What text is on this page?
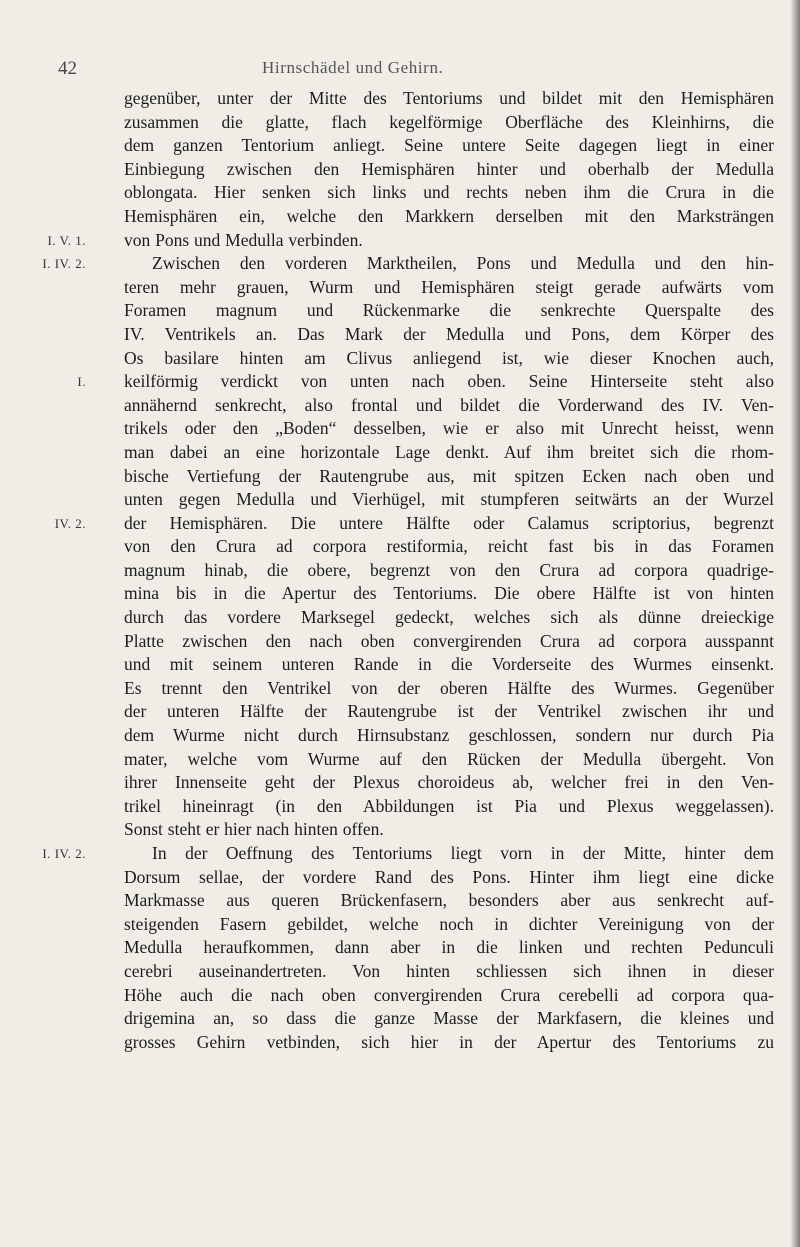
42	Hirnschädel und Gehirn.
gegenüber, unter der Mitte des Tentoriums und bildet mit den Hemisphären
zusammen die glatte, flach kegelförmige Oberfläche des Kleinhirns, die
dem ganzen Tentorium anliegt. Seine untere Seite dagegen liegt in einer
Einbiegung zwischen den Hemisphären hinter und oberhalb der Medulla
oblongata. Hier senken sich links und rechts neben ihm die Crura in die
Hemisphären ein, welche den Markkern derselben mit den Marksträngen
I. V. 1. von Pons und Medulla verbinden.
I. IV. 2.	Zwischen den vorderen Marktheilen, Pons und Medulla und den hin-
teren mehr grauen, Wurm und Hemisphären steigt gerade aufwärts vom
Foramen magnum und Rückenmarke die senkrechte Querspalte des
IV. Ventrikels an. Das Mark der Medulla und Pons, dem Körper des
Os basilare hinten am Clivus anliegend ist, wie dieser Knochen auch,
I. keilförmig verdickt von unten nach oben. Seine Hinterseite steht also
annähernd senkrecht, also frontal und bildet die Vorderwand des IV. Ven-
trikels oder den „Boden“ desselben, wie er also mit Unrecht heisst, wenn
man dabei an eine horizontale Lage denkt. Auf ihm breitet sich die rhom-
bische Vertiefung der Rautengrube aus, mit spitzen Ecken nach oben und
unten gegen Medulla und Vierhügel, mit stumpferen seitwärts an der Wurzel
IV. 2. der Hemisphären. Die untere Hälfte oder Calamus scriptorius, begrenzt
von den Crura ad corpora restiformia, reicht fast bis in das Foramen
magnum hinab, die obere, begrenzt von den Crura ad corpora quadrige-
mina bis in die Apertur des Tentoriums. Die obere Hälfte ist von hinten
durch das vordere Marksegel gedeckt, welches sich als dünne dreieckige
Platte zwischen den nach oben convergirenden Crura ad corpora ausspannt
und mit seinem unteren Rande in die Vorderseite des Wurmes einsenkt.
Es trennt den Ventrikel von der oberen Hälfte des Wurmes. Gegenüber
der unteren Hälfte der Rautengrube ist der Ventrikel zwischen ihr und
dem Wurme nicht durch Hirnsubstanz geschlossen, sondern nur durch Pia
mater, welche vom Wurme auf den Rücken der Medulla übergeht. Von
ihrer Innenseite geht der Plexus choroideus ab, welcher frei in den Ven-
trikel hineinragt (in den Abbildungen ist Pia und Plexus weggelassen).
Sonst steht er hier nach hinten offen.
I. IV. 2.	In der Oeffnung des Tentoriums liegt vorn in der Mitte, hinter dem
Dorsum sellae, der vordere Rand des Pons. Hinter ihm liegt eine dicke
Markmasse aus queren Brückenfasern, besonders aber aus senkrecht auf-
steigenden Fasern gebildet, welche noch in dichter Vereinigung von der
Medulla heraufkommen, dann aber in die linken und rechten Pedunculi
cerebri auseinandertreten. Von hinten schliessen sich ihnen in dieser
Höhe auch die nach oben convergirenden Crura cerebelli ad corpora qua-
drigemina an, so dass die ganze Masse der Markfasern, die kleines und
grosses Gehirn vetbinden, sich hier in der Apertur des Tentoriums zu
